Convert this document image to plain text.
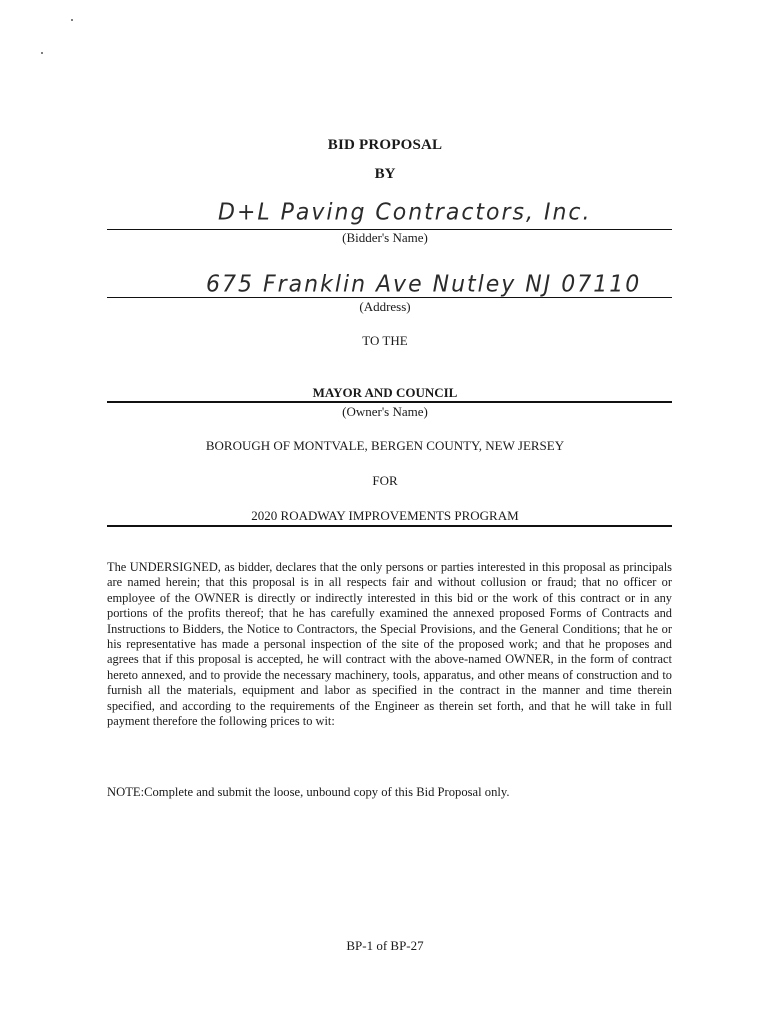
BID PROPOSAL
BY
D+L Paving Contractors, Inc.
(Bidder's Name)
675 Franklin Ave Nutley NJ 07110
(Address)
TO THE
MAYOR AND COUNCIL
(Owner's Name)
BOROUGH OF MONTVALE, BERGEN COUNTY, NEW JERSEY
FOR
2020 ROADWAY IMPROVEMENTS PROGRAM
The UNDERSIGNED, as bidder, declares that the only persons or parties interested in this proposal as principals are named herein; that this proposal is in all respects fair and without collusion or fraud; that no officer or employee of the OWNER is directly or indirectly interested in this bid or the work of this contract or in any portions of the profits thereof; that he has carefully examined the annexed proposed Forms of Contracts and Instructions to Bidders, the Notice to Contractors, the Special Provisions, and the General Conditions; that he or his representative has made a personal inspection of the site of the proposed work; and that he proposes and agrees that if this proposal is accepted, he will contract with the above-named OWNER, in the form of contract hereto annexed, and to provide the necessary machinery, tools, apparatus, and other means of construction and to furnish all the materials, equipment and labor as specified in the contract in the manner and time therein specified, and according to the requirements of the Engineer as therein set forth, and that he will take in full payment therefore the following prices to wit:
NOTE:Complete and submit the loose, unbound copy of this Bid Proposal only.
BP-1 of BP-27
